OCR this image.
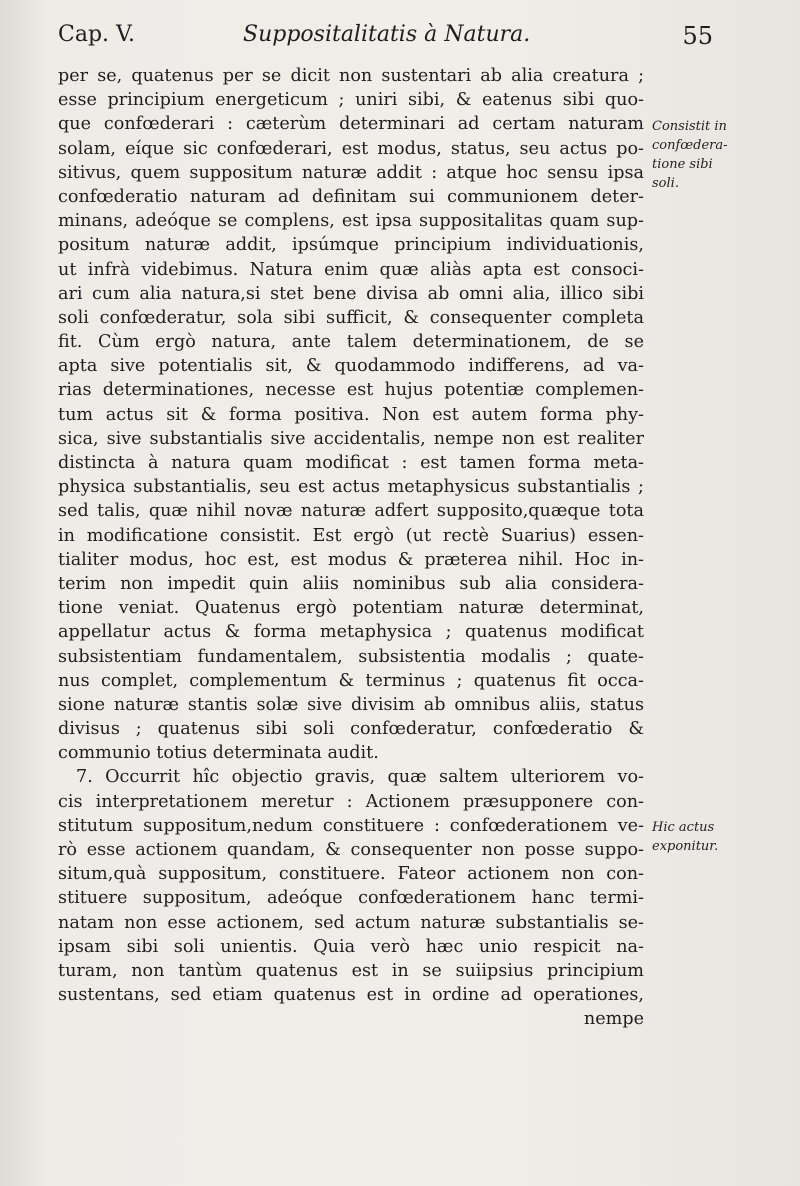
Cap. V.	Suppositalitatis à Natura.	55
per se, quatenus per se dicit non sustentari ab alia creatura ;
esse principium energeticum ; uniri sibi, & eatenus sibi quo-
que confœderari : cæterùm determinari ad certam naturam
solam, eíque sic confœderari, est modus, status, seu actus po-
sitivus, quem suppositum naturæ addit : atque hoc sensu ipsa
confœderatio naturam ad definitam sui communionem deter-
minans, adeóque se complens, est ipsa suppositalitas quam sup-
positum naturæ addit, ipsúmque principium individuationis,
ut infrà videbimus. Natura enim quæ aliàs apta est consoci-
ari cum alia natura,si stet bene divisa ab omni alia, illico sibi
soli confœderatur, sola sibi sufficit, & consequenter completa
fit. Cùm ergò natura, ante talem determinationem, de se
apta sive potentialis sit, & quodammodo indifferens, ad va-
rias determinationes, necesse est hujus potentiæ complemen-
tum actus sit & forma positiva. Non est autem forma phy-
sica, sive substantialis sive accidentalis, nempe non est realiter
distincta à natura quam modificat : est tamen forma meta-
physica substantialis, seu est actus metaphysicus substantialis ;
sed talis, quæ nihil novæ naturæ adfert supposito,quæque tota
in modificatione consistit. Est ergò (ut rectè Suarius) essen-
tialiter modus, hoc est, est modus & præterea nihil. Hoc in-
terim non impedit quin aliis nominibus sub alia considera-
tione veniat. Quatenus ergò potentiam naturæ determinat,
appellatur actus & forma metaphysica ; quatenus modificat
subsistentiam fundamentalem, subsistentia modalis ; quate-
nus complet, complementum & terminus ; quatenus fit occa-
sione naturæ stantis solæ sive divisim ab omnibus aliis, status
divisus ; quatenus sibi soli confœderatur, confœderatio &
communio totius determinata audit.
7. Occurrit hîc objectio gravis, quæ saltem ulteriorem vo-
cis interpretationem meretur : Actionem præsupponere con-
stitutum suppositum,nedum constituere : confœderationem ve-
rò esse actionem quandam, & consequenter non posse suppo-
situm,quà suppositum, constituere. Fateor actionem non con-
stituere suppositum, adeóque confœderationem hanc termi-
natam non esse actionem, sed actum naturæ substantialis se-
ipsam sibi soli unientis. Quia verò hæc unio respicit na-
turam, non tantùm quatenus est in se suiipsius principium
sustentans, sed etiam quatenus est in ordine ad operationes,
nempe
Consistit in
confœdera-
tione sibi
soli.
Hic actus
exponitur.
